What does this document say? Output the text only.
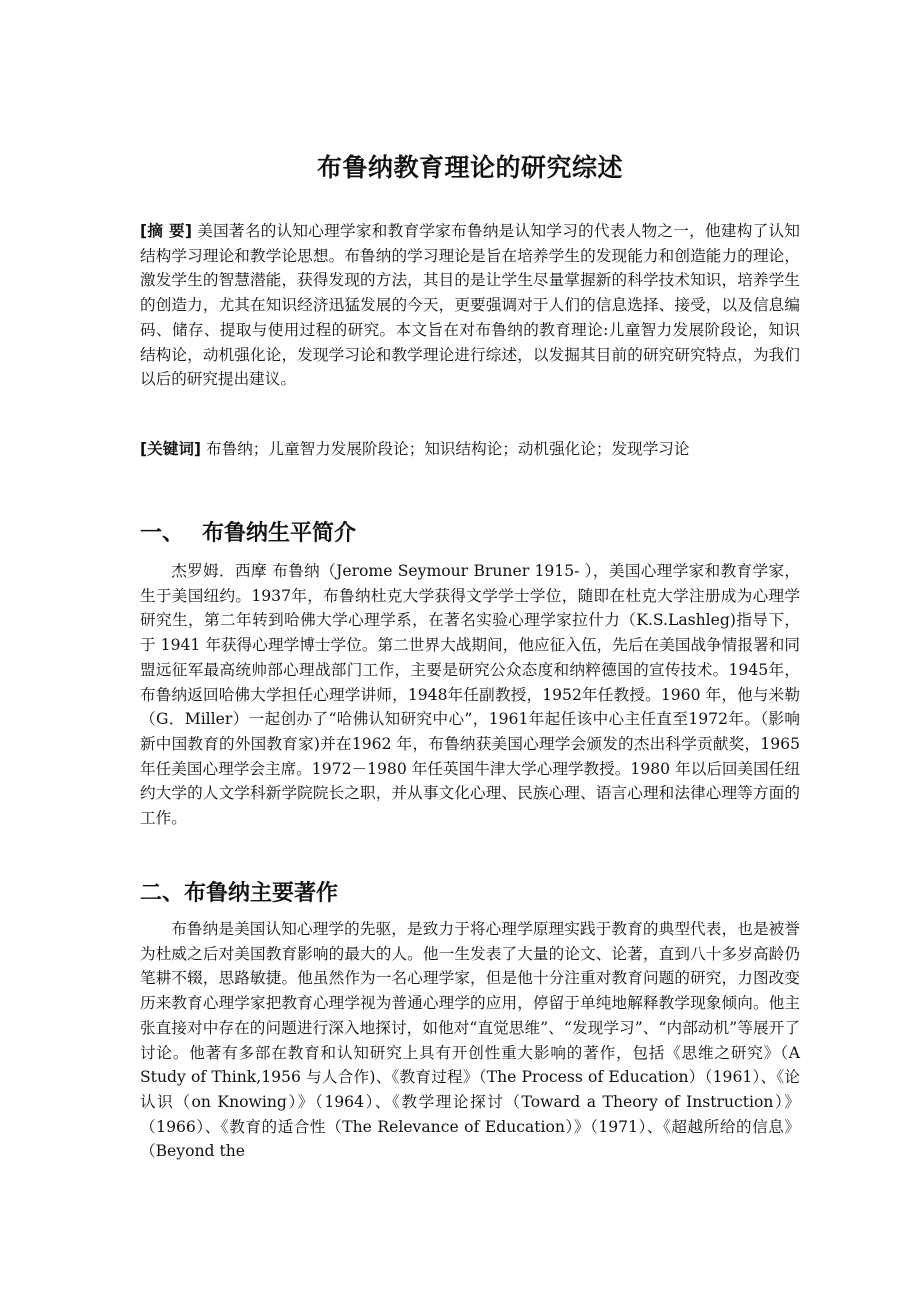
布鲁纳教育理论的研究综述
[摘 要] 美国著名的认知心理学家和教育学家布鲁纳是认知学习的代表人物之一，他建构了认知结构学习理论和教学论思想。布鲁纳的学习理论是旨在培养学生的发现能力和创造能力的理论，激发学生的智慧潜能，获得发现的方法，其目的是让学生尽量掌握新的科学技术知识，培养学生的创造力，尤其在知识经济迅猛发展的今天，更要强调对于人们的信息选择、接受，以及信息编码、储存、提取与使用过程的研究。本文旨在对布鲁纳的教育理论:儿童智力发展阶段论，知识结构论，动机强化论，发现学习论和教学理论进行综述，以发掘其目前的研究研究特点，为我们以后的研究提出建议。
[关键词] 布鲁纳；儿童智力发展阶段论；知识结构论；动机强化论；发现学习论
一、 布鲁纳生平简介
杰罗姆．西摩 布鲁纳（Jerome Seymour Bruner 1915- ），美国心理学家和教育学家，生于美国纽约。1937年，布鲁纳杜克大学获得文学学士学位，随即在杜克大学注册成为心理学研究生，第二年转到哈佛大学心理学系，在著名实验心理学家拉什力（K.S.Lashleg)指导下，于 1941 年获得心理学博士学位。第二世界大战期间，他应征入伍，先后在美国战争情报署和同盟远征军最高统帅部心理战部门工作，主要是研究公众态度和纳粹德国的宣传技术。1945年，布鲁纳返回哈佛大学担任心理学讲师，1948年任副教授，1952年任教授。1960 年，他与米勒（G．Miller）一起创办了“哈佛认知研究中心”，1961年起任该中心主任直至1972年。（影响新中国教育的外国教育家)并在1962 年，布鲁纳获美国心理学会颁发的杰出科学贡献奖，1965 年任美国心理学会主席。1972－1980 年任英国牛津大学心理学教授。1980 年以后回美国任纽约大学的人文学科新学院院长之职，并从事文化心理、民族心理、语言心理和法律心理等方面的工作。
二、布鲁纳主要著作
布鲁纳是美国认知心理学的先驱，是致力于将心理学原理实践于教育的典型代表，也是被誉为杜威之后对美国教育影响的最大的人。他一生发表了大量的论文、论著，直到八十多岁高龄仍笔耕不辍，思路敏捷。他虽然作为一名心理学家，但是他十分注重对教育问题的研究，力图改变历来教育心理学家把教育心理学视为普通心理学的应用，停留于单纯地解释教学现象倾向。他主张直接对中存在的问题进行深入地探讨，如他对“直觉思维”、“发现学习”、“内部动机”等展开了讨论。他著有多部在教育和认知研究上具有开创性重大影响的著作，包括《思维之研究》（A Study of Think,1956 与人合作)、《教育过程》（The Process of Education）（1961）、《论认识（on Knowing）》（1964）、《教学理论探讨（Toward a Theory of Instruction）》（1966）、《教育的适合性（The Relevance of Education）》（1971）、《超越所给的信息》（Beyond the
